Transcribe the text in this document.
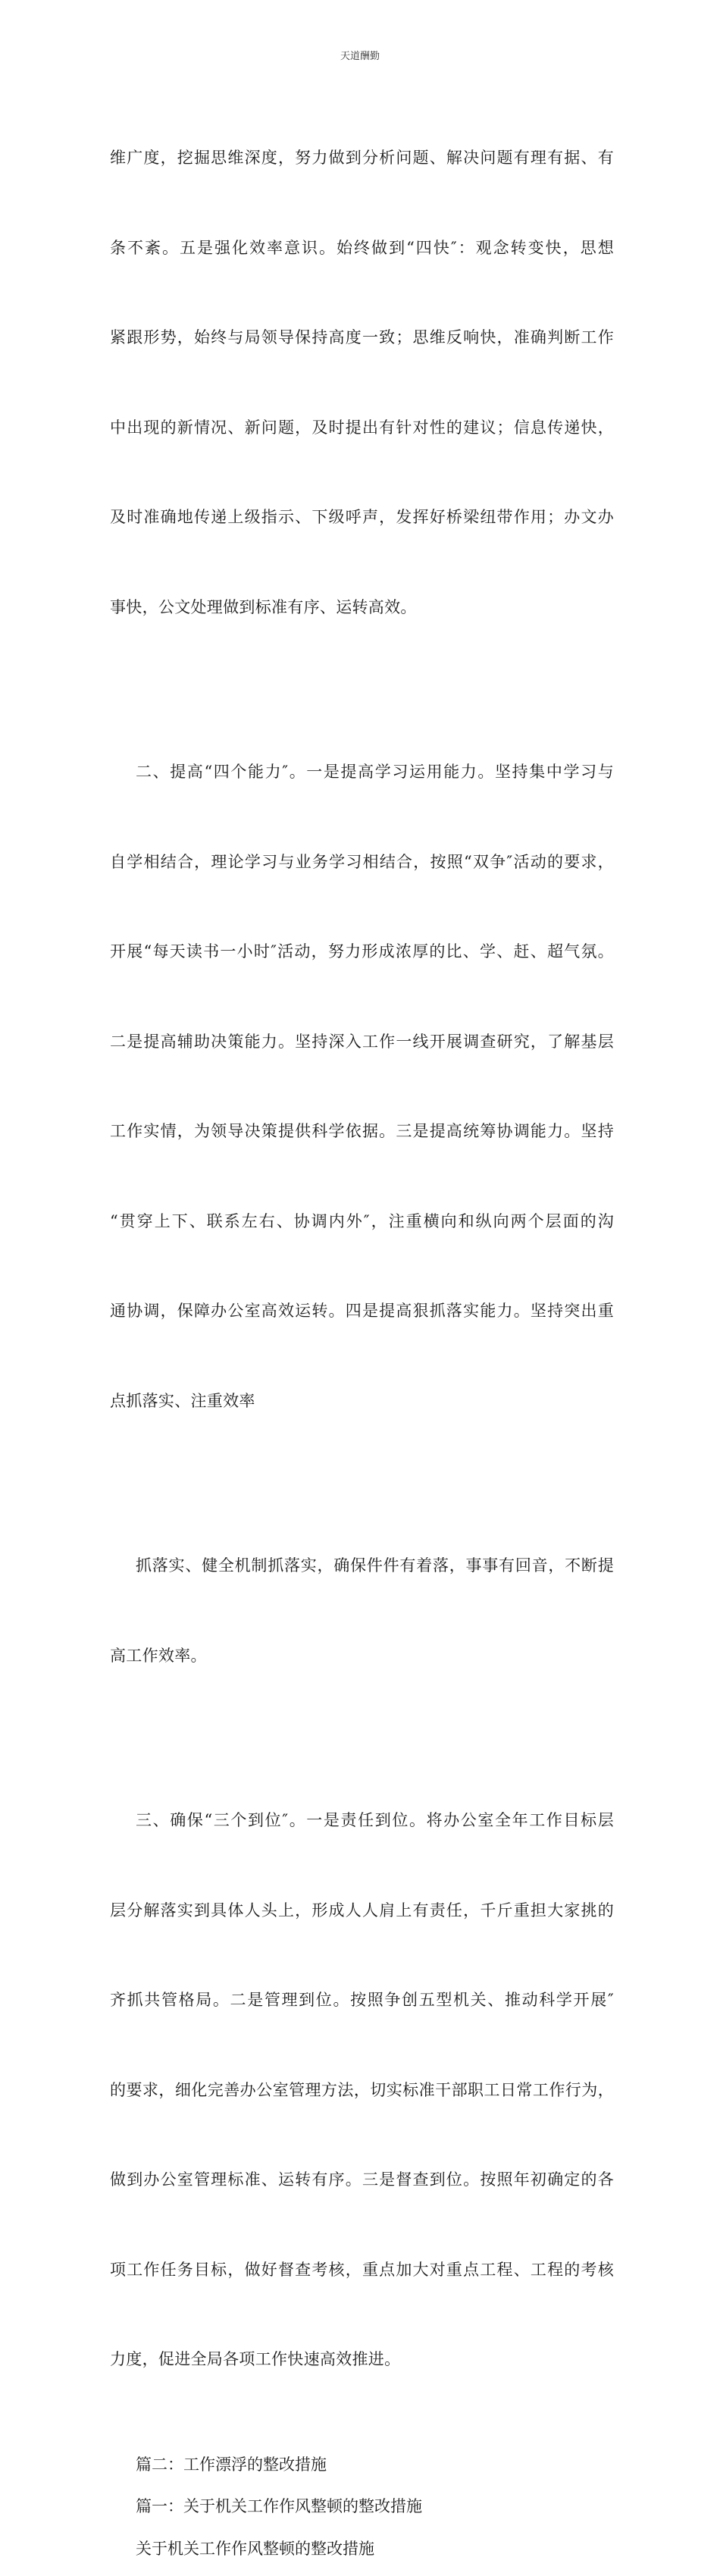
天道酬勤

维广度，挖掘思维深度，努力做到分析问题、解决问题有理有据、有

条不紊。五是强化效率意识。始终做到“四快″：观念转变快，思想

紧跟形势，始终与局领导保持高度一致；思维反响快，准确判断工作

中出现的新情况、新问题，及时提出有针对性的建议；信息传递快，

及时准确地传递上级指示、下级呼声，发挥好桥梁纽带作用；办文办

事快，公文处理做到标准有序、运转高效。

二、提高“四个能力″。一是提高学习运用能力。坚持集中学习与

自学相结合，理论学习与业务学习相结合，按照“双争″活动的要求，

开展“每天读书一小时″活动，努力形成浓厚的比、学、赶、超气氛。

二是提高辅助决策能力。坚持深入工作一线开展调查研究，了解基层

工作实情，为领导决策提供科学依据。三是提高统筹协调能力。坚持

“贯穿上下、联系左右、协调内外″，注重横向和纵向两个层面的沟

通协调，保障办公室高效运转。四是提高狠抓落实能力。坚持突出重

点抓落实、注重效率

抓落实、健全机制抓落实，确保件件有着落，事事有回音，不断提

高工作效率。

三、确保“三个到位″。一是责任到位。将办公室全年工作目标层

层分解落实到具体人头上，形成人人肩上有责任，千斤重担大家挑的

齐抓共管格局。二是管理到位。按照争创五型机关、推动科学开展″

的要求，细化完善办公室管理方法，切实标准干部职工日常工作行为，

做到办公室管理标准、运转有序。三是督查到位。按照年初确定的各

项工作任务目标，做好督查考核，重点加大对重点工程、工程的考核

力度，促进全局各项工作快速高效推进。

篇二：工作漂浮的整改措施
篇一：关于机关工作作风整顿的整改措施
关于机关工作作风整顿的整改措施
